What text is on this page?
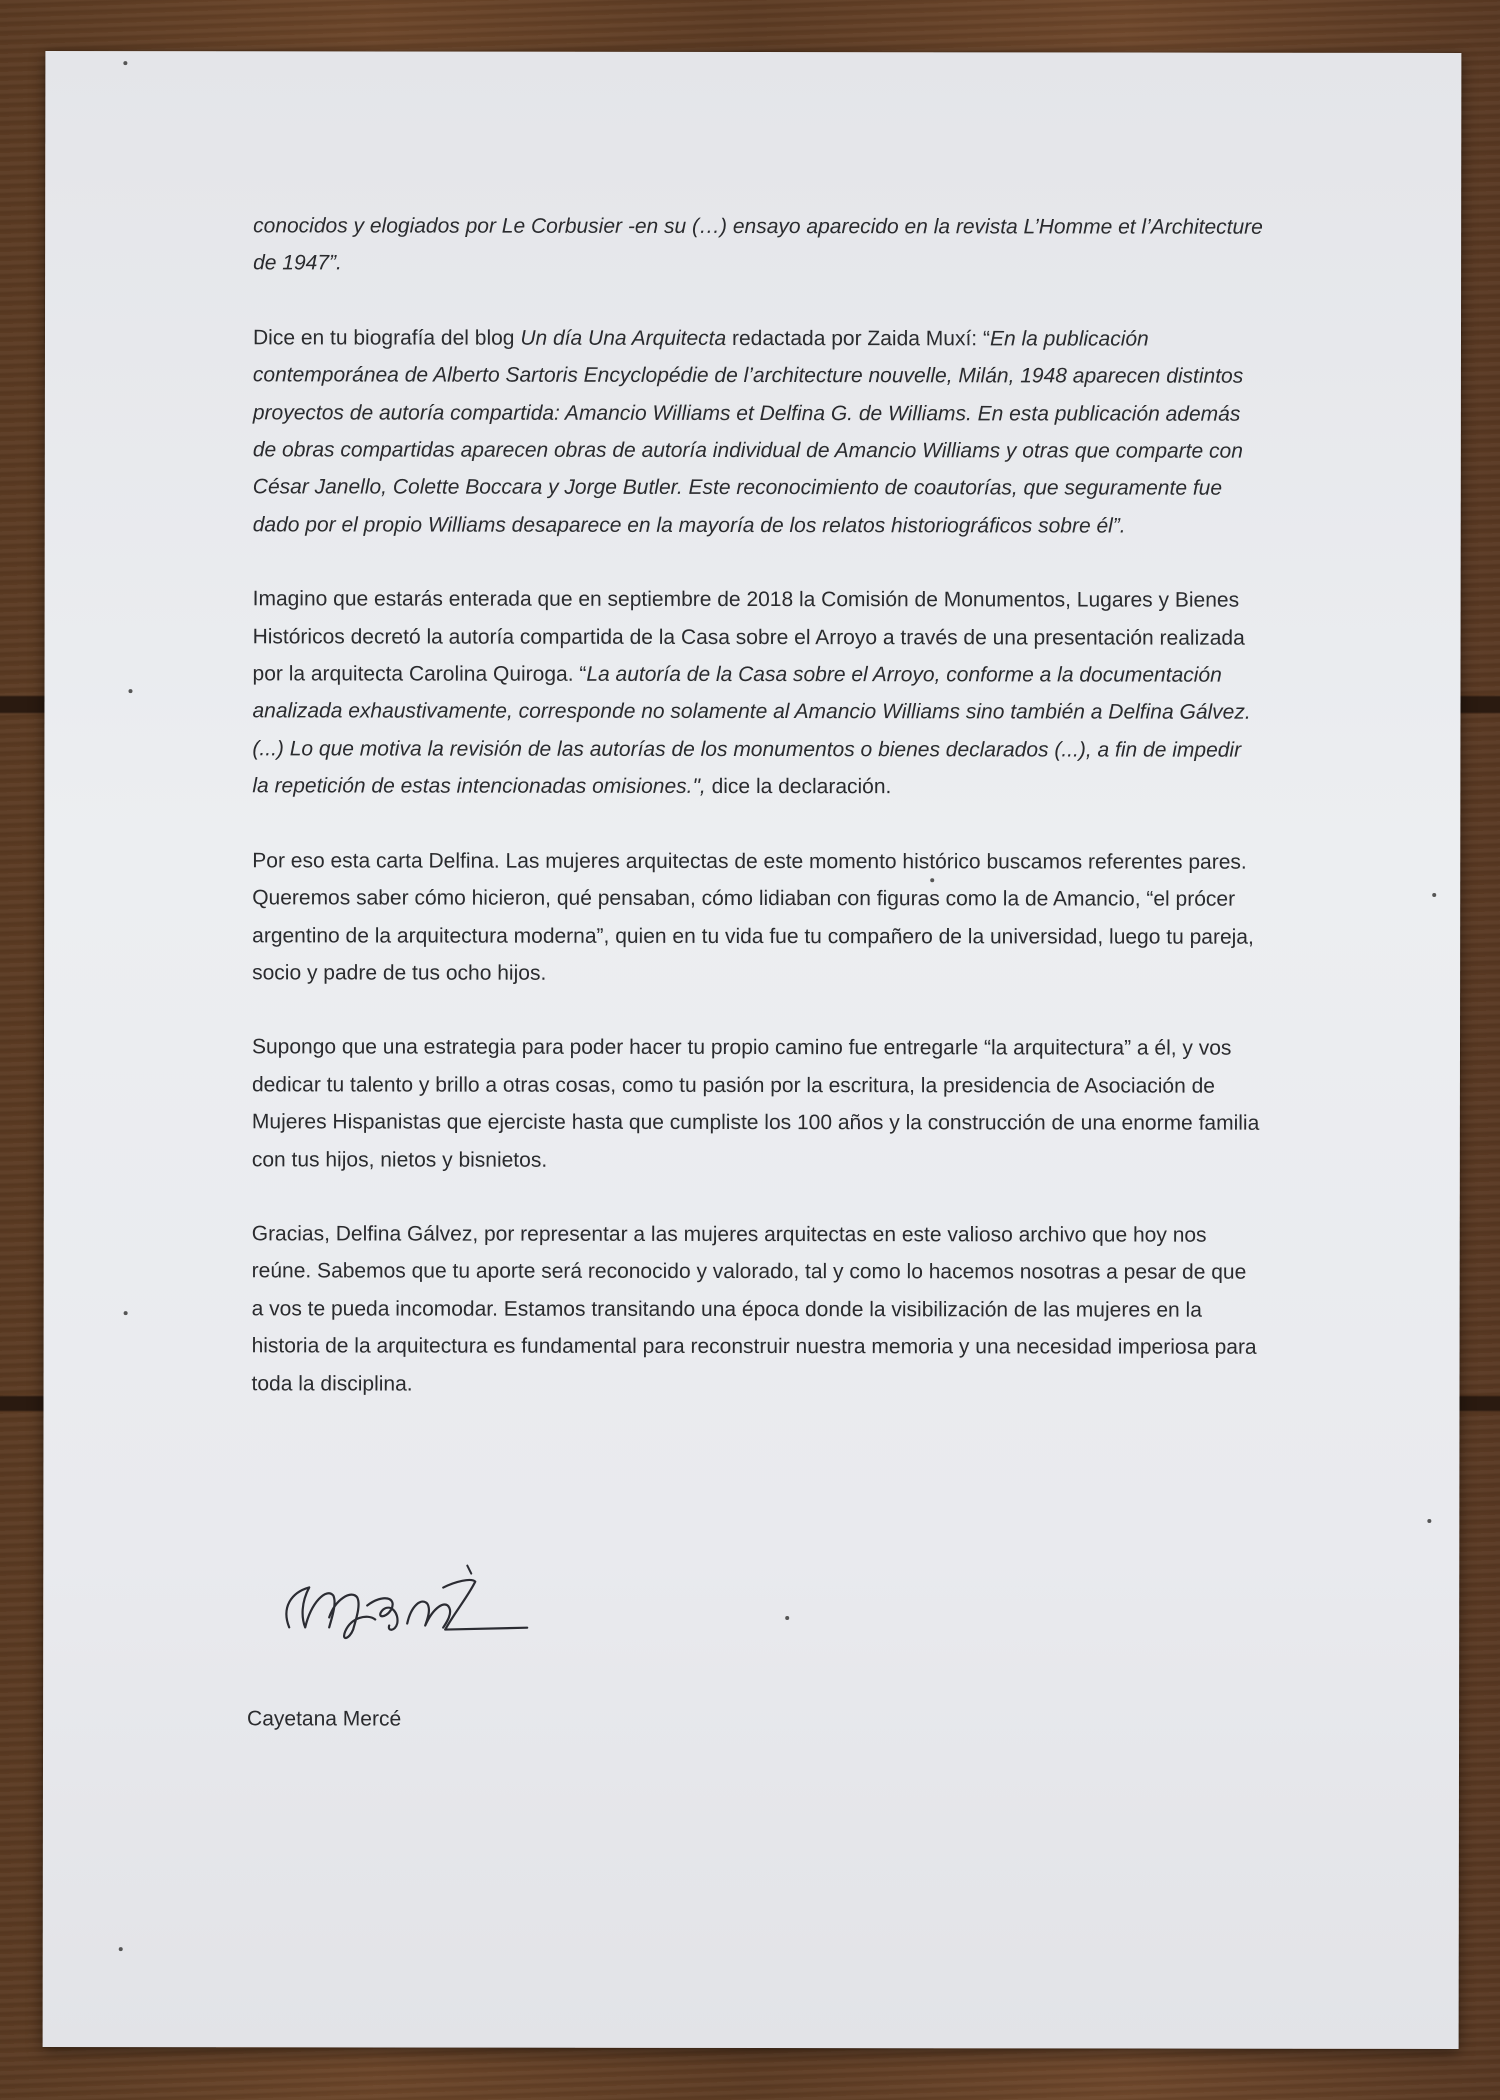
conocidos y elogiados por Le Corbusier -en su (…) ensayo aparecido en la revista L’Homme et l’Architecture de 1947”.

Dice en tu biografía del blog Un día Una Arquitecta redactada por Zaida Muxí: “En la publicación contemporánea de Alberto Sartoris Encyclopédie de l’architecture nouvelle, Milán, 1948 aparecen distintos proyectos de autoría compartida: Amancio Williams et Delfina G. de Williams. En esta publicación además de obras compartidas aparecen obras de autoría individual de Amancio Williams y otras que comparte con César Janello, Colette Boccara y Jorge Butler. Este reconocimiento de coautorías, que seguramente fue dado por el propio Williams desaparece en la mayoría de los relatos historiográficos sobre él”.

Imagino que estarás enterada que en septiembre de 2018 la Comisión de Monumentos, Lugares y Bienes Históricos decretó la autoría compartida de la Casa sobre el Arroyo a través de una presentación realizada por la arquitecta Carolina Quiroga. “La autoría de la Casa sobre el Arroyo, conforme a la documentación analizada exhaustivamente, corresponde no solamente al Amancio Williams sino también a Delfina Gálvez. (...) Lo que motiva la revisión de las autorías de los monumentos o bienes declarados (...), a fin de impedir la repetición de estas intencionadas omisiones.", dice la declaración.

Por eso esta carta Delfina. Las mujeres arquitectas de este momento histórico buscamos referentes pares. Queremos saber cómo hicieron, qué pensaban, cómo lidiaban con figuras como la de Amancio, “el prócer argentino de la arquitectura moderna”, quien en tu vida fue tu compañero de la universidad, luego tu pareja, socio y padre de tus ocho hijos.

Supongo que una estrategia para poder hacer tu propio camino fue entregarle “la arquitectura” a él, y vos dedicar tu talento y brillo a otras cosas, como tu pasión por la escritura, la presidencia de Asociación de Mujeres Hispanistas que ejerciste hasta que cumpliste los 100 años y la construcción de una enorme familia con tus hijos, nietos y bisnietos.

Gracias, Delfina Gálvez, por representar a las mujeres arquitectas en este valioso archivo que hoy nos reúne. Sabemos que tu aporte será reconocido y valorado, tal y como lo hacemos nosotras a pesar de que a vos te pueda incomodar. Estamos transitando una época donde la visibilización de las mujeres en la historia de la arquitectura es fundamental para reconstruir nuestra memoria y una necesidad imperiosa para toda la disciplina.

Cayetana Mercé
